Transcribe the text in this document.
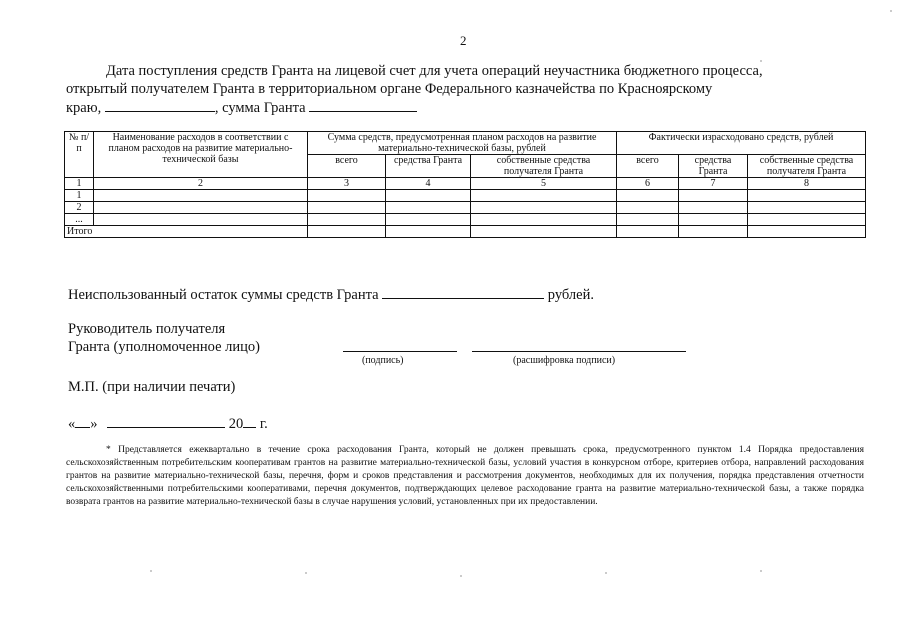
2
Дата поступления средств Гранта на лицевой счет для учета операций неучастника бюджетного процесса,
открытый получателем Гранта в территориальном органе Федерального казначейства по Красноярскому
краю,	, сумма Гранта
№ п/п	Наименование расходов в соответствии с планом расходов на развитие материально-технической базы	Сумма средств, предусмотренная планом расходов на развитие материально-технической базы, рублей			Фактически израсходовано средств, рублей		
		всего	средства Гранта	собственные средства получателя Гранта	всего	средства Гранта	собственные средства получателя Гранта
1	2	3	4	5	6	7	8
1							
2							
...							
Итого							
Неиспользованный остаток суммы средств Гранта	рублей.
Руководитель получателя
Гранта (уполномоченное лицо)
(подпись)	(расшифровка подписи)
М.П. (при наличии печати)
« »	20 г.

* Представляется ежеквартально в течение срока расходования Гранта, который не должен превышать срока, предусмотренного пунктом 1.4 Порядка предоставления сельскохозяйственным потребительским кооперативам грантов на развитие материально-технической базы, условий участия в конкурсном отборе, критериев отбора, направлений расходования грантов на развитие материально-технической базы, перечня, форм и сроков представления и рассмотрения документов, необходимых для их получения, порядка представления отчетности сельскохозяйственными потребительскими кооперативами, перечня документов, подтверждающих целевое расходование гранта на развитие материально-технической базы, а также порядка возврата грантов на развитие материально-технической базы в случае нарушения условий, установленных при их предоставлении.
